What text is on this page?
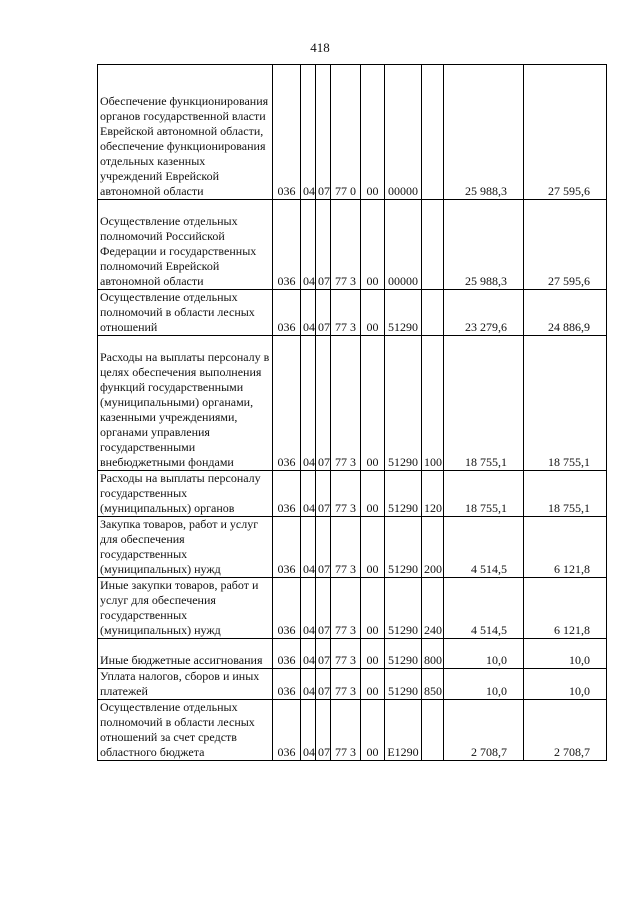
418
Обеспечение функционирования органов государственной власти Еврейской автономной области, обеспечение функционирования отдельных казенных учреждений Еврейской автономной области	036	04	07	77 0	00	00000		25 988,3	27 595,6
Осуществление отдельных полномочий Российской Федерации и государственных полномочий Еврейской автономной области	036	04	07	77 3	00	00000		25 988,3	27 595,6
Осуществление отдельных полномочий в области лесных отношений	036	04	07	77 3	00	51290		23 279,6	24 886,9
Расходы на выплаты персоналу в целях обеспечения выполнения функций государственными (муниципальными) органами, казенными учреждениями, органами управления государственными внебюджетными фондами	036	04	07	77 3	00	51290	100	18 755,1	18 755,1
Расходы на выплаты персоналу государственных (муниципальных) органов	036	04	07	77 3	00	51290	120	18 755,1	18 755,1
Закупка товаров, работ и услуг для обеспечения государственных (муниципальных) нужд	036	04	07	77 3	00	51290	200	4 514,5	6 121,8
Иные закупки товаров, работ и услуг для обеспечения государственных (муниципальных) нужд	036	04	07	77 3	00	51290	240	4 514,5	6 121,8
Иные бюджетные ассигнования	036	04	07	77 3	00	51290	800	10,0	10,0
Уплата налогов, сборов и иных платежей	036	04	07	77 3	00	51290	850	10,0	10,0
Осуществление отдельных полномочий в области лесных отношений за счет средств областного бюджета	036	04	07	77 3	00	E1290		2 708,7	2 708,7
